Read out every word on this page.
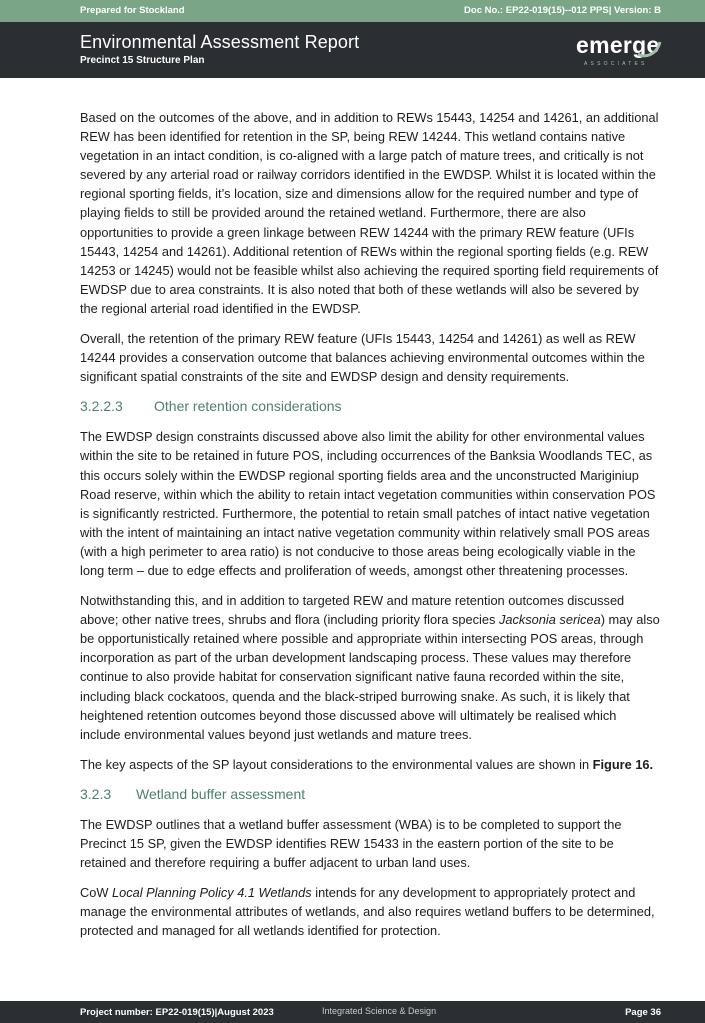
Prepared for Stockland	Doc No.: EP22-019(15)--012 PPS| Version: B
Environmental Assessment Report
Precinct 15 Structure Plan
emerge
ASSOCIATES

Based on the outcomes of the above, and in addition to REWs 15443, 14254 and 14261, an additional REW has been identified for retention in the SP, being REW 14244. This wetland contains native vegetation in an intact condition, is co-aligned with a large patch of mature trees, and critically is not severed by any arterial road or railway corridors identified in the EWDSP. Whilst it is located within the regional sporting fields, it’s location, size and dimensions allow for the required number and type of playing fields to still be provided around the retained wetland. Furthermore, there are also opportunities to provide a green linkage between REW 14244 with the primary REW feature (UFIs 15443, 14254 and 14261). Additional retention of REWs within the regional sporting fields (e.g. REW 14253 or 14245) would not be feasible whilst also achieving the required sporting field requirements of EWDSP due to area constraints. It is also noted that both of these wetlands will also be severed by the regional arterial road identified in the EWDSP.

Overall, the retention of the primary REW feature (UFIs 15443, 14254 and 14261) as well as REW 14244 provides a conservation outcome that balances achieving environmental outcomes within the significant spatial constraints of the site and EWDSP design and density requirements.

3.2.2.3 Other retention considerations

The EWDSP design constraints discussed above also limit the ability for other environmental values within the site to be retained in future POS, including occurrences of the Banksia Woodlands TEC, as this occurs solely within the EWDSP regional sporting fields area and the unconstructed Mariginiup Road reserve, within which the ability to retain intact vegetation communities within conservation POS is significantly restricted. Furthermore, the potential to retain small patches of intact native vegetation with the intent of maintaining an intact native vegetation community within relatively small POS areas (with a high perimeter to area ratio) is not conducive to those areas being ecologically viable in the long term – due to edge effects and proliferation of weeds, amongst other threatening processes.

Notwithstanding this, and in addition to targeted REW and mature retention outcomes discussed above; other native trees, shrubs and flora (including priority flora species Jacksonia sericea) may also be opportunistically retained where possible and appropriate within intersecting POS areas, through incorporation as part of the urban development landscaping process. These values may therefore continue to also provide habitat for conservation significant native fauna recorded within the site, including black cockatoos, quenda and the black-striped burrowing snake. As such, it is likely that heightened retention outcomes beyond those discussed above will ultimately be realised which include environmental values beyond just wetlands and mature trees.

The key aspects of the SP layout considerations to the environmental values are shown in Figure 16.

3.2.3 Wetland buffer assessment

The EWDSP outlines that a wetland buffer assessment (WBA) is to be completed to support the Precinct 15 SP, given the EWDSP identifies REW 15433 in the eastern portion of the site to be retained and therefore requiring a buffer adjacent to urban land uses.

CoW Local Planning Policy 4.1 Wetlands intends for any development to appropriately protect and manage the environmental attributes of wetlands, and also requires wetland buffers to be determined, protected and managed for all wetlands identified for protection.

Project number: EP22-019(15)|August 2023	Integrated Science & Design	Page 36
